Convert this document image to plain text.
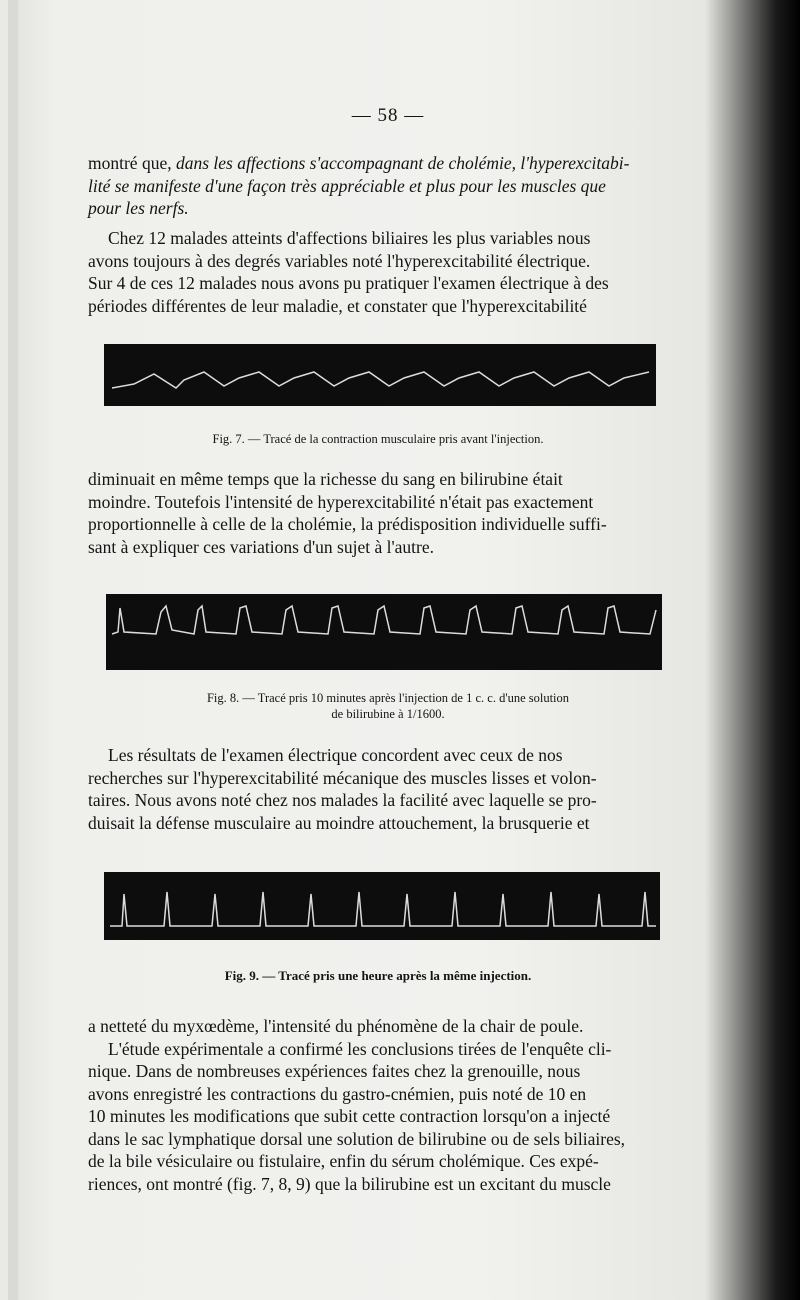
— 58 —
montré que, dans les affections s'accompagnant de cholémie, l'hyperexcitabi-
lité se manifeste d'une façon très appréciable et plus pour les muscles que
pour les nerfs.
Chez 12 malades atteints d'affections biliaires les plus variables nous
avons toujours à des degrés variables noté l'hyperexcitabilité électrique.
Sur 4 de ces 12 malades nous avons pu pratiquer l'examen électrique à des
périodes différentes de leur maladie, et constater que l'hyperexcitabilité
Fig. 7. — Tracé de la contraction musculaire pris avant l'injection.
diminuait en même temps que la richesse du sang en bilirubine était
moindre. Toutefois l'intensité de hyperexcitabilité n'était pas exactement
proportionnelle à celle de la cholémie, la prédisposition individuelle suffi-
sant à expliquer ces variations d'un sujet à l'autre.
Fig. 8. — Tracé pris 10 minutes après l'injection de 1 c. c. d'une solution
de bilirubine à 1/1600.
Les résultats de l'examen électrique concordent avec ceux de nos
recherches sur l'hyperexcitabilité mécanique des muscles lisses et volon-
taires. Nous avons noté chez nos malades la facilité avec laquelle se pro-
duisait la défense musculaire au moindre attouchement, la brusquerie et
Fig. 9. — Tracé pris une heure après la même injection.
a netteté du myxœdème, l'intensité du phénomène de la chair de poule.
L'étude expérimentale a confirmé les conclusions tirées de l'enquête cli-
nique. Dans de nombreuses expériences faites chez la grenouille, nous
avons enregistré les contractions du gastro-cnémien, puis noté de 10 en
10 minutes les modifications que subit cette contraction lorsqu'on a injecté
dans le sac lymphatique dorsal une solution de bilirubine ou de sels biliaires,
de la bile vésiculaire ou fistulaire, enfin du sérum cholémique. Ces expé-
riences, ont montré (fig. 7, 8, 9) que la bilirubine est un excitant du muscle
